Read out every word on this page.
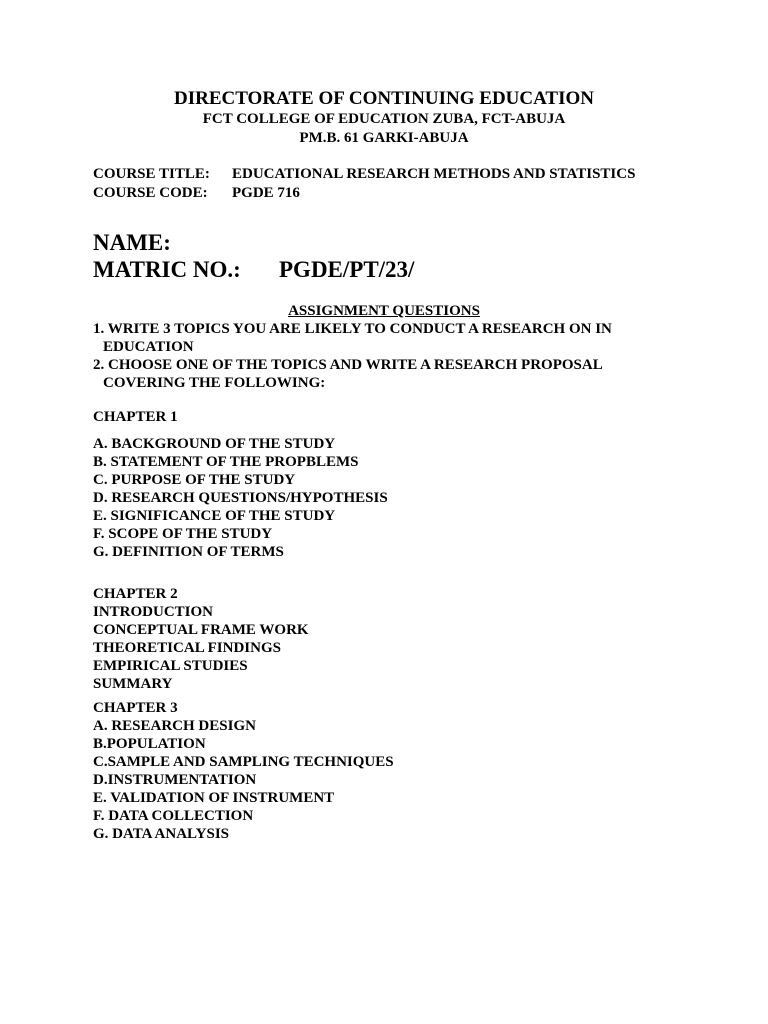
DIRECTORATE OF CONTINUING EDUCATION
FCT COLLEGE OF EDUCATION ZUBA, FCT-ABUJA
PM.B. 61 GARKI-ABUJA
COURSE TITLE: EDUCATIONAL RESEARCH METHODS AND STATISTICS
COURSE CODE: PGDE 716
NAME:
MATRIC NO.: PGDE/PT/23/
ASSIGNMENT QUESTIONS
1. WRITE 3 TOPICS YOU ARE LIKELY TO CONDUCT A RESEARCH ON IN
EDUCATION
2. CHOOSE ONE OF THE TOPICS AND WRITE A RESEARCH PROPOSAL
COVERING THE FOLLOWING:
CHAPTER 1
A. BACKGROUND OF THE STUDY
B. STATEMENT OF THE PROPBLEMS
C. PURPOSE OF THE STUDY
D. RESEARCH QUESTIONS/HYPOTHESIS
E. SIGNIFICANCE OF THE STUDY
F. SCOPE OF THE STUDY
G. DEFINITION OF TERMS
CHAPTER 2
INTRODUCTION
CONCEPTUAL FRAME WORK
THEORETICAL FINDINGS
EMPIRICAL STUDIES
SUMMARY
CHAPTER 3
A. RESEARCH DESIGN
B.POPULATION
C.SAMPLE AND SAMPLING TECHNIQUES
D.INSTRUMENTATION
E. VALIDATION OF INSTRUMENT
F. DATA COLLECTION
G. DATA ANALYSIS
